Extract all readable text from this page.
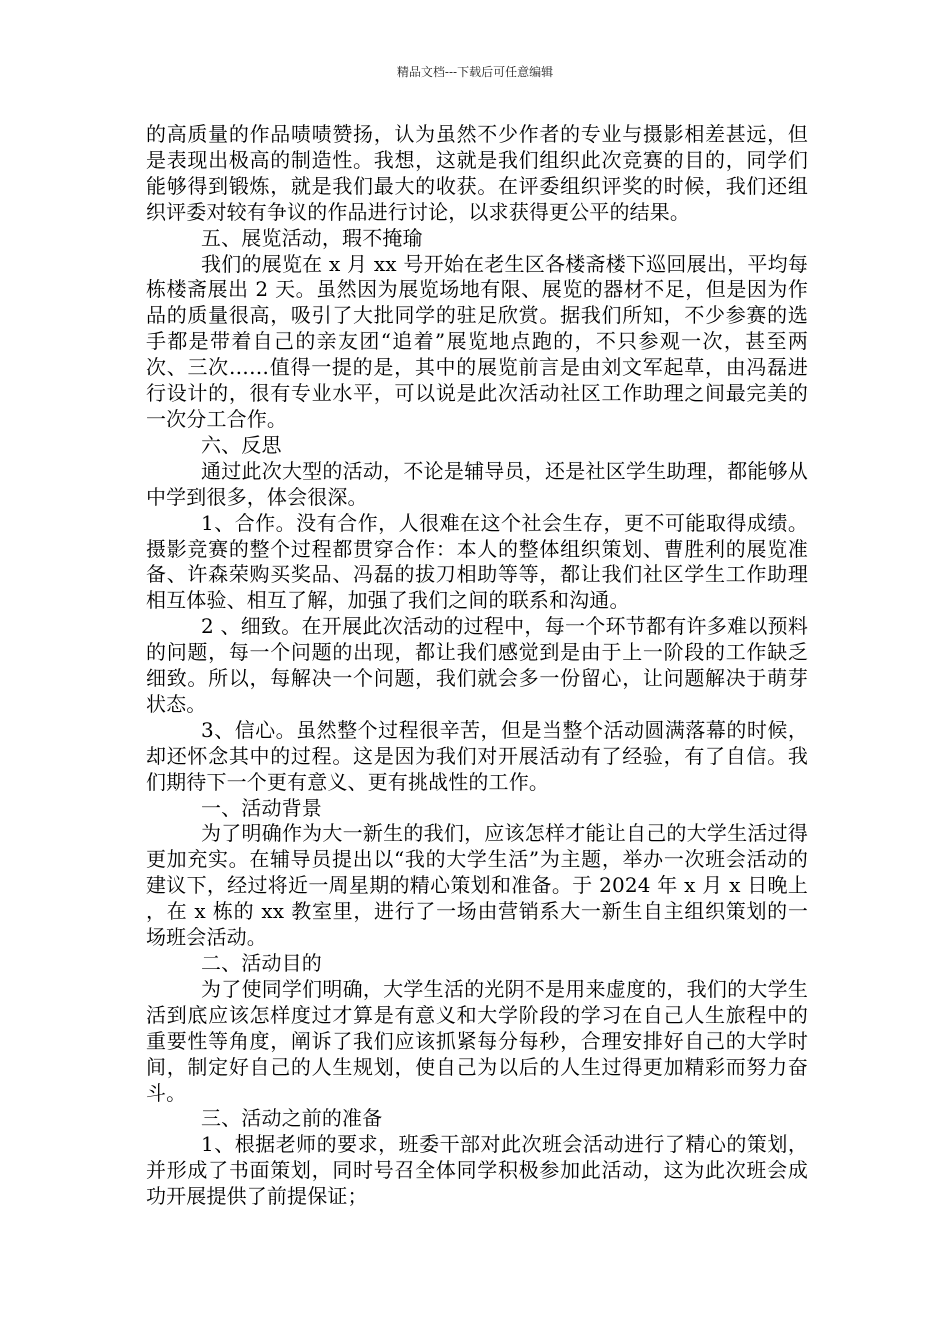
精品文档---下载后可任意编辑

的高质量的作品啧啧赞扬，认为虽然不少作者的专业与摄影相差甚远，但是表现出极高的制造性。我想，这就是我们组织此次竞赛的目的，同学们能够得到锻炼，就是我们最大的收获。在评委组织评奖的时候，我们还组织评委对较有争议的作品进行讨论，以求获得更公平的结果。

五、展览活动，瑕不掩瑜

我们的展览在 x 月 xx 号开始在老生区各楼斋楼下巡回展出，平均每栋楼斋展出 2 天。虽然因为展览场地有限、展览的器材不足，但是因为作品的质量很高，吸引了大批同学的驻足欣赏。据我们所知，不少参赛的选手都是带着自己的亲友团“追着”展览地点跑的，不只参观一次，甚至两次、三次……值得一提的是，其中的展览前言是由刘文军起草，由冯磊进行设计的，很有专业水平，可以说是此次活动社区工作助理之间最完美的一次分工合作。

六、反思

通过此次大型的活动，不论是辅导员，还是社区学生助理，都能够从中学到很多，体会很深。

1、合作。没有合作，人很难在这个社会生存，更不可能取得成绩。摄影竞赛的整个过程都贯穿合作：本人的整体组织策划、曹胜利的展览准备、许森荣购买奖品、冯磊的拔刀相助等等，都让我们社区学生工作助理相互体验、相互了解，加强了我们之间的联系和沟通。

2 、细致。在开展此次活动的过程中，每一个环节都有许多难以预料的问题，每一个问题的出现，都让我们感觉到是由于上一阶段的工作缺乏细致。所以，每解决一个问题，我们就会多一份留心，让问题解决于萌芽状态。

3、信心。虽然整个过程很辛苦，但是当整个活动圆满落幕的时候，却还怀念其中的过程。这是因为我们对开展活动有了经验，有了自信。我们期待下一个更有意义、更有挑战性的工作。

一、活动背景

为了明确作为大一新生的我们，应该怎样才能让自己的大学生活过得更加充实。在辅导员提出以“我的大学生活”为主题，举办一次班会活动的建议下，经过将近一周星期的精心策划和准备。于 2024 年 x 月 x 日晚上 ，在 x 栋的 xx 教室里，进行了一场由营销系大一新生自主组织策划的一场班会活动。

二、活动目的

为了使同学们明确，大学生活的光阴不是用来虚度的，我们的大学生活到底应该怎样度过才算是有意义和大学阶段的学习在自己人生旅程中的重要性等角度，阐诉了我们应该抓紧每分每秒，合理安排好自己的大学时间，制定好自己的人生规划，使自己为以后的人生过得更加精彩而努力奋斗。

三、活动之前的准备

1、根据老师的要求，班委干部对此次班会活动进行了精心的策划，并形成了书面策划，同时号召全体同学积极参加此活动，这为此次班会成功开展提供了前提保证；
